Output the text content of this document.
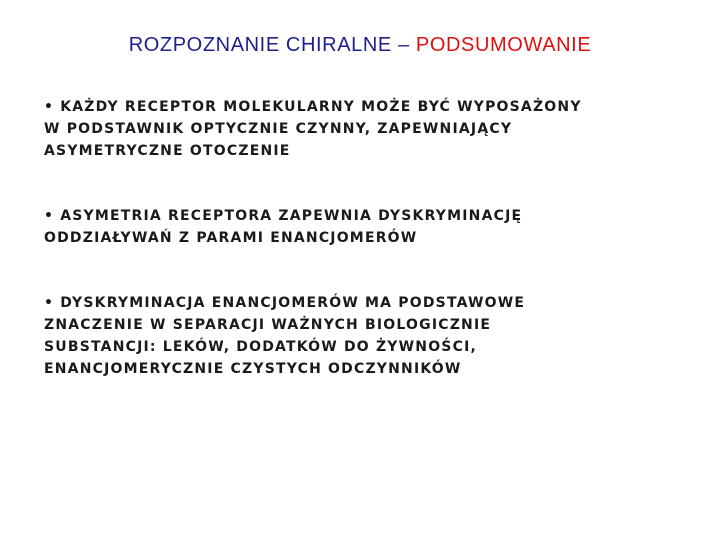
ROZPOZNANIE CHIRALNE – PODSUMOWANIE
• KAŻDY RECEPTOR MOLEKULARNY MOŻE BYĆ WYPOSAŻONY
W PODSTAWNIK OPTYCZNIE CZYNNY, ZAPEWNIAJĄCY
ASYMETRYCZNE OTOCZENIE
• ASYMETRIA RECEPTORA ZAPEWNIA DYSKRYMINACJĘ
ODDZIAŁYWAŃ Z PARAMI ENANCJOMERÓW
• DYSKRYMINACJA ENANCJOMERÓW MA PODSTAWOWE
ZNACZENIE W SEPARACJI WAŻNYCH BIOLOGICZNIE
SUBSTANCJI: LEKÓW, DODATKÓW DO ŻYWNOŚCI,
ENANCJOMERYCZNIE CZYSTYCH ODCZYNNIKÓW
